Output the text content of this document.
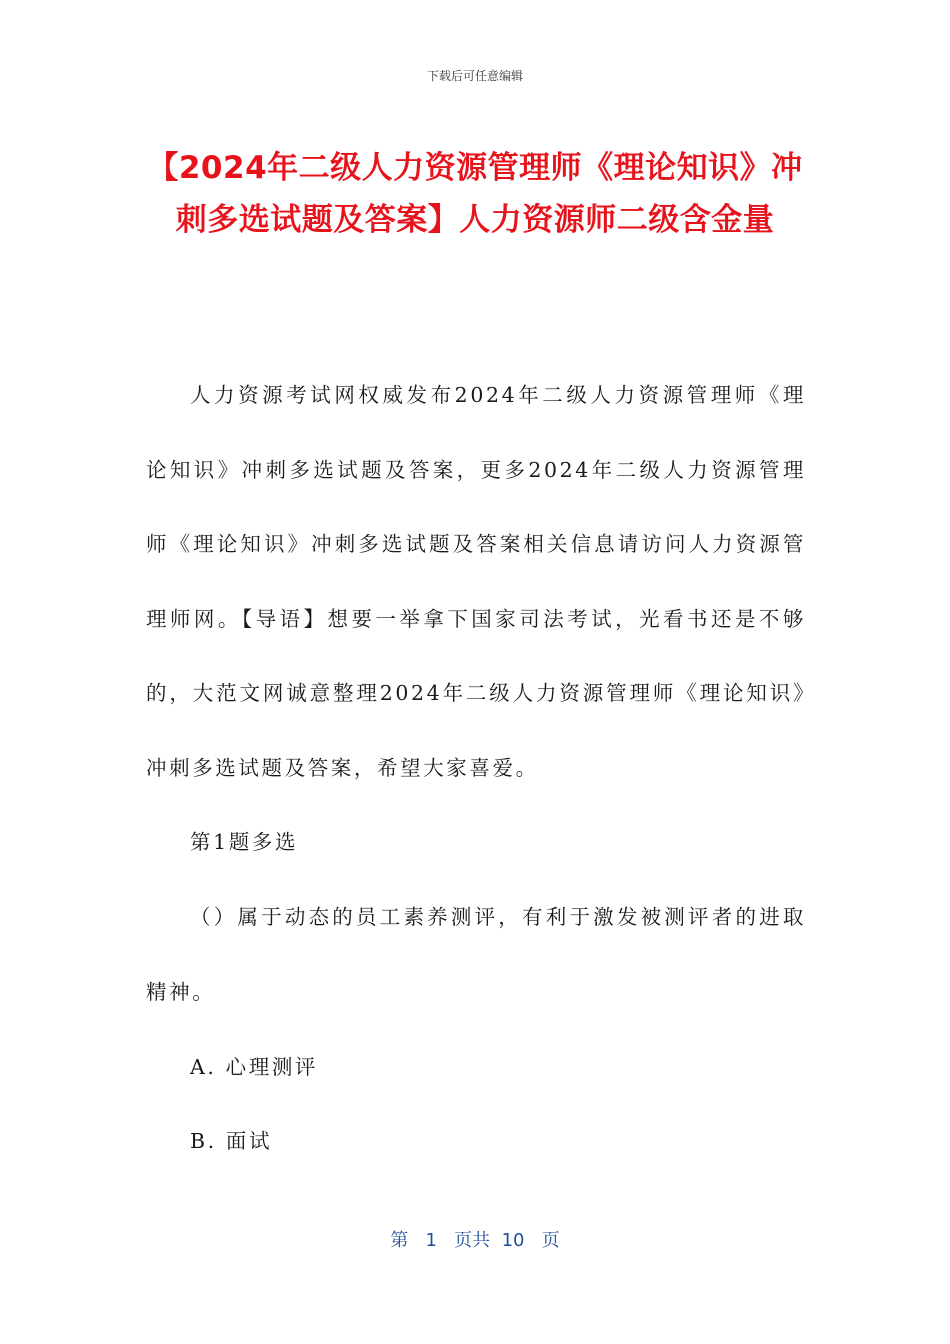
下载后可任意编辑
【2024年二级人力资源管理师《理论知识》冲刺多选试题及答案】人力资源师二级含金量

人力资源考试网权威发布2024年二级人力资源管理师《理论知识》冲刺多选试题及答案，更多2024年二级人力资源管理师《理论知识》冲刺多选试题及答案相关信息请访问人力资源管理师网。【导语】想要一举拿下国家司法考试，光看书还是不够的，大范文网诚意整理2024年二级人力资源管理师《理论知识》冲刺多选试题及答案，希望大家喜爱。

第1题多选

（）属于动态的员工素养测评，有利于激发被测评者的进取精神。

A. 心理测评

B. 面试

第 1 页共 10 页
